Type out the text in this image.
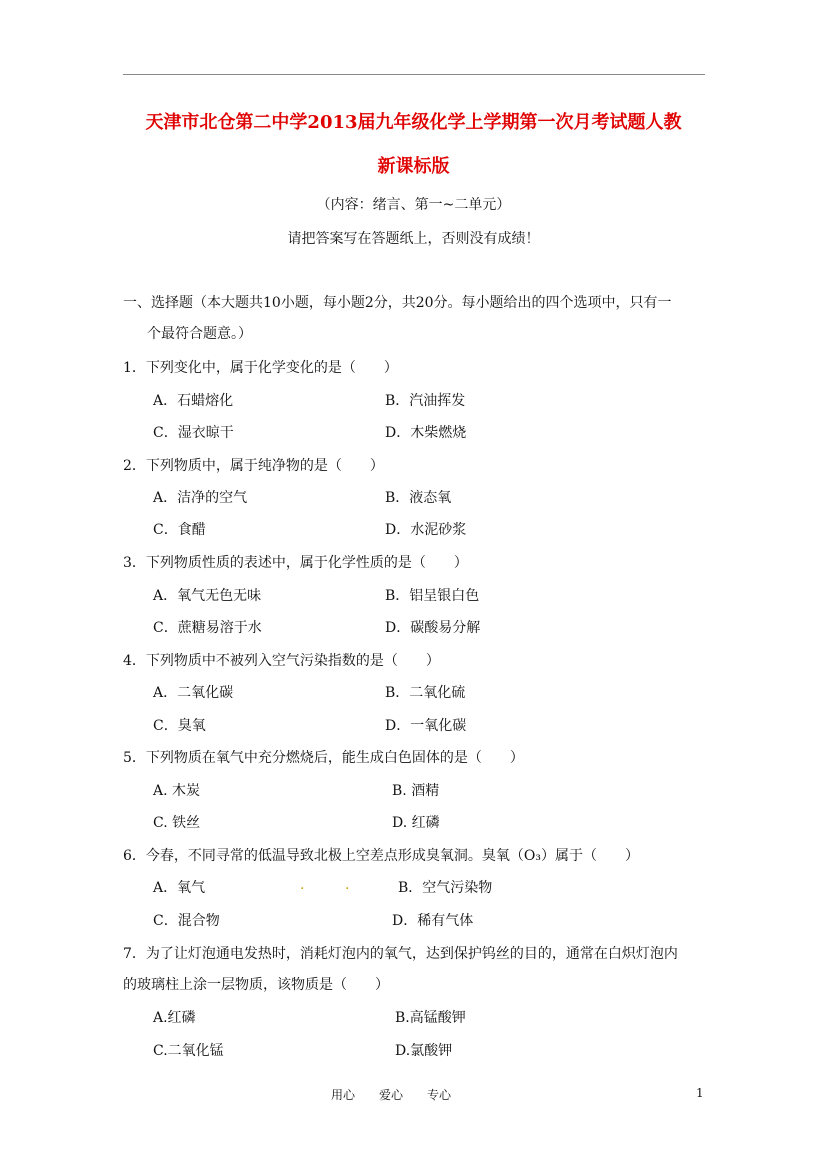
天津市北仓第二中学2013届九年级化学上学期第一次月考试题人教
新课标版
（内容：绪言、第一~二单元）
请把答案写在答题纸上，否则没有成绩！
一、选择题（本大题共10小题，每小题2分，共20分。每小题给出的四个选项中，只有一
个最符合题意。）
1．下列变化中，属于化学变化的是（　　）
A．石蜡熔化	B．汽油挥发
C．湿衣晾干	D．木柴燃烧
2．下列物质中，属于纯净物的是（　　）
A．洁净的空气	B．液态氧
C．食醋	D．水泥砂浆
3．下列物质性质的表述中，属于化学性质的是（　　）
A．氧气无色无味	B．铝呈银白色
C．蔗糖易溶于水	D．碳酸易分解
4．下列物质中不被列入空气污染指数的是（　　）
A．二氧化碳	B．二氧化硫
C．臭氧	D．一氧化碳
5．下列物质在氧气中充分燃烧后，能生成白色固体的是（　　）
A. 木炭	B. 酒精
C. 铁丝	D. 红磷
6．今春，不同寻常的低温导致北极上空差点形成臭氧洞。臭氧（O₃）属于（　　）
A．氧气	.	.	B．空气污染物
C．混合物	D．稀有气体
7．为了让灯泡通电发热时，消耗灯泡内的氧气，达到保护钨丝的目的，通常在白炽灯泡内
的玻璃柱上涂一层物质，该物质是（　　）
A.红磷	B.高锰酸钾
C.二氧化锰	D.氯酸钾
用心　　爱心　　专心	1
